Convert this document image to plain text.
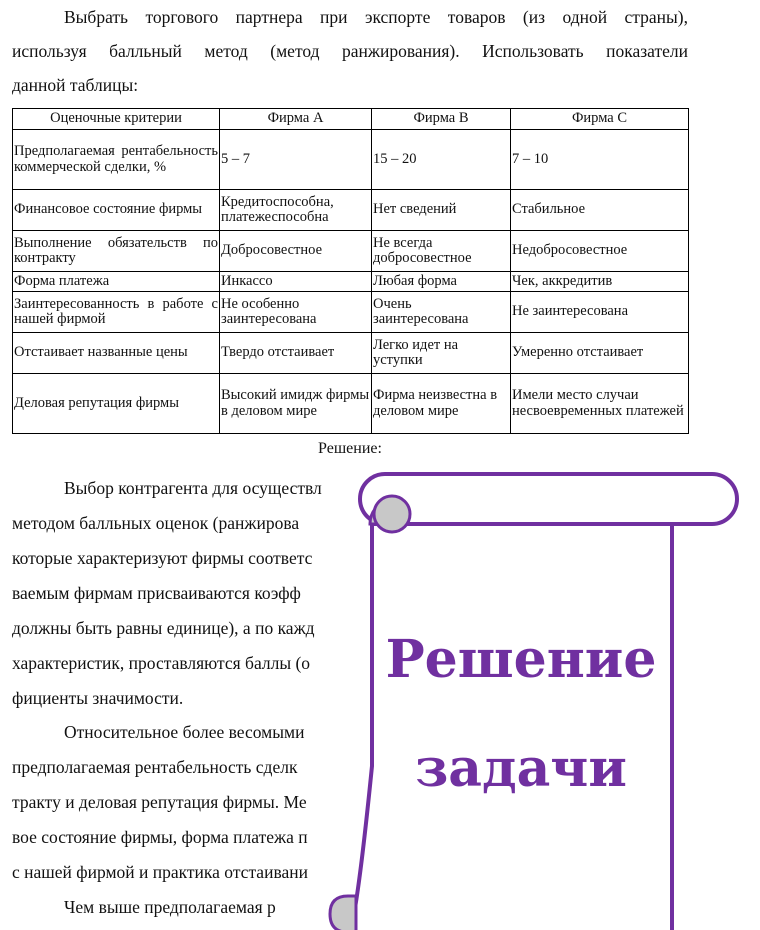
Выбрать торгового партнера при экспорте товаров (из одной страны),
используя балльный метод (метод ранжирования). Использовать показатели
данной таблицы:
Оценочные критерии	Фирма А	Фирма В	Фирма С
Предполагаемая рентабельность коммерческой сделки, %	5 – 7	15 – 20	7 – 10
Финансовое состояние фирмы	Кредитоспособна, платежеспособна	Нет сведений	Стабильное
Выполнение обязательств по контракту	Добросовестное	Не всегда добросовестное	Недобросовестное
Форма платежа	Инкассо	Любая форма	Чек, аккредитив
Заинтересованность в работе с нашей фирмой	Не особенно заинтересована	Очень заинтересована	Не заинтересована
Отстаивает названные цены	Твердо отстаивает	Легко идет на уступки	Умеренно отстаивает
Деловая репутация фирмы	Высокий имидж фирмы в деловом мире	Фирма неизвестна в деловом мире	Имели место случаи несвоевременных платежей
Решение:
Выбор контрагента для осуществл
методом балльных оценок (ранжирова
которые характеризуют фирмы соответс
ваемым фирмам присваиваются коэфф
должны быть равны единице), а по кажд
характеристик, проставляются баллы (о
фициенты значимости.
Относительное более весомыми
предполагаемая рентабельность сделк
тракту и деловая репутация фирмы. Ме
вое состояние фирмы, форма платежа п
с нашей фирмой и практика отстаивани
Чем выше предполагаемая р
Решение
задачи
